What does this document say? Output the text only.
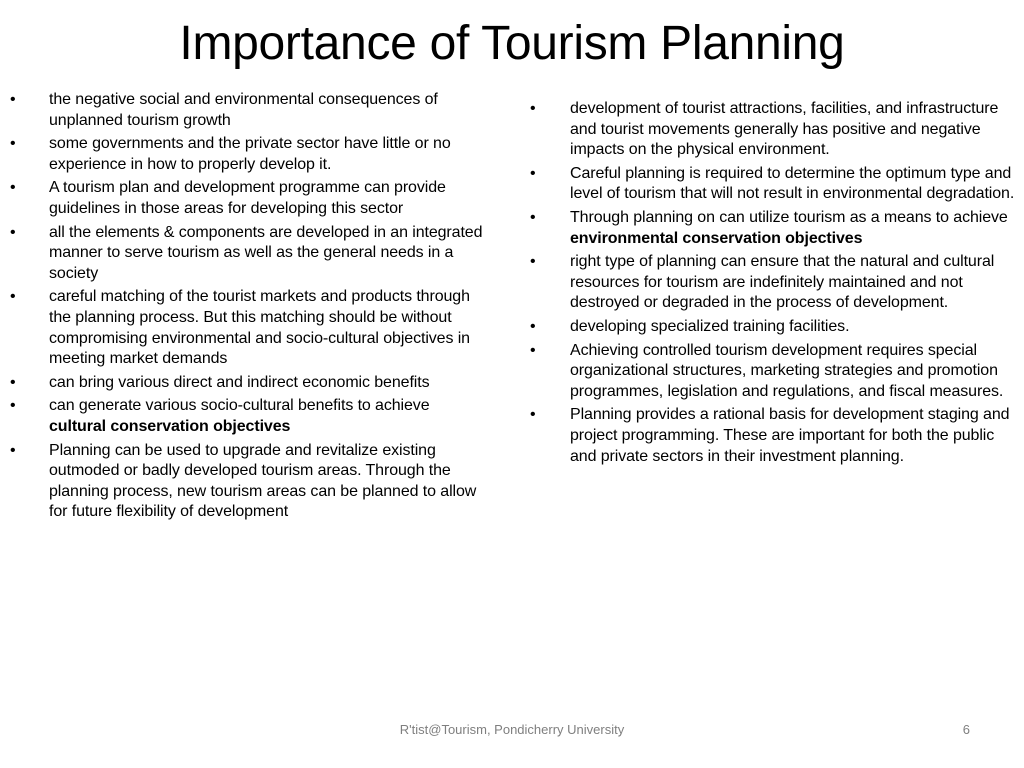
Importance of Tourism Planning
•	the negative social and environmental consequences of unplanned tourism growth
•	some governments and the private sector have little or no experience in how to properly develop it.
•	A tourism plan and development programme can provide guidelines in those areas for developing this sector
•	all the elements & components are developed in an integrated manner to serve tourism as well as the general needs in a society
•	careful matching of the tourist markets and products through the planning process. But this matching should be without compromising environmental and socio-cultural objectives in meeting market demands
•	can bring various direct and indirect economic benefits
•	can generate various socio-cultural benefits to achieve cultural conservation objectives
•	Planning can be used to upgrade and revitalize existing outmoded or badly developed tourism areas. Through the planning process, new tourism areas can be planned to allow for future flexibility of development
•	development of tourist attractions, facilities, and infrastructure and tourist movements generally has positive and negative impacts on the physical environment.
•	Careful planning is required to determine the optimum type and level of tourism that will not result in environmental degradation.
•	Through planning on can utilize tourism as a means to achieve environmental conservation objectives
•	right type of planning can ensure that the natural and cultural resources for tourism are indefinitely maintained and not destroyed or degraded in the process of development.
•	developing specialized training facilities.
•	Achieving controlled tourism development requires special organizational structures, marketing strategies and promotion programmes, legislation and regulations, and fiscal measures.
•	Planning provides a rational basis for development staging and project programming. These are important for both the public and private sectors in their investment planning.
R'tist@Tourism, Pondicherry University	6
